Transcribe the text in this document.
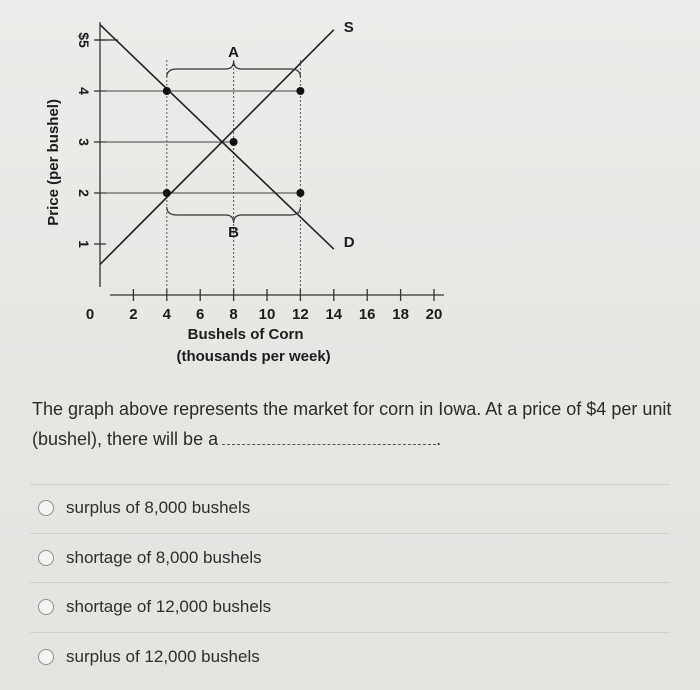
1
2
3
4
$5
0 2 4 6 8 10 12 14 16 18 20
Bushels of Corn
(thousands per week)
Price (per bushel)
S
D
A
B
The graph above represents the market for corn in Iowa. At a price of $4 per unit (bushel), there will be a	.
surplus of 8,000 bushels
shortage of 8,000 bushels
shortage of 12,000 bushels
surplus of 12,000 bushels
